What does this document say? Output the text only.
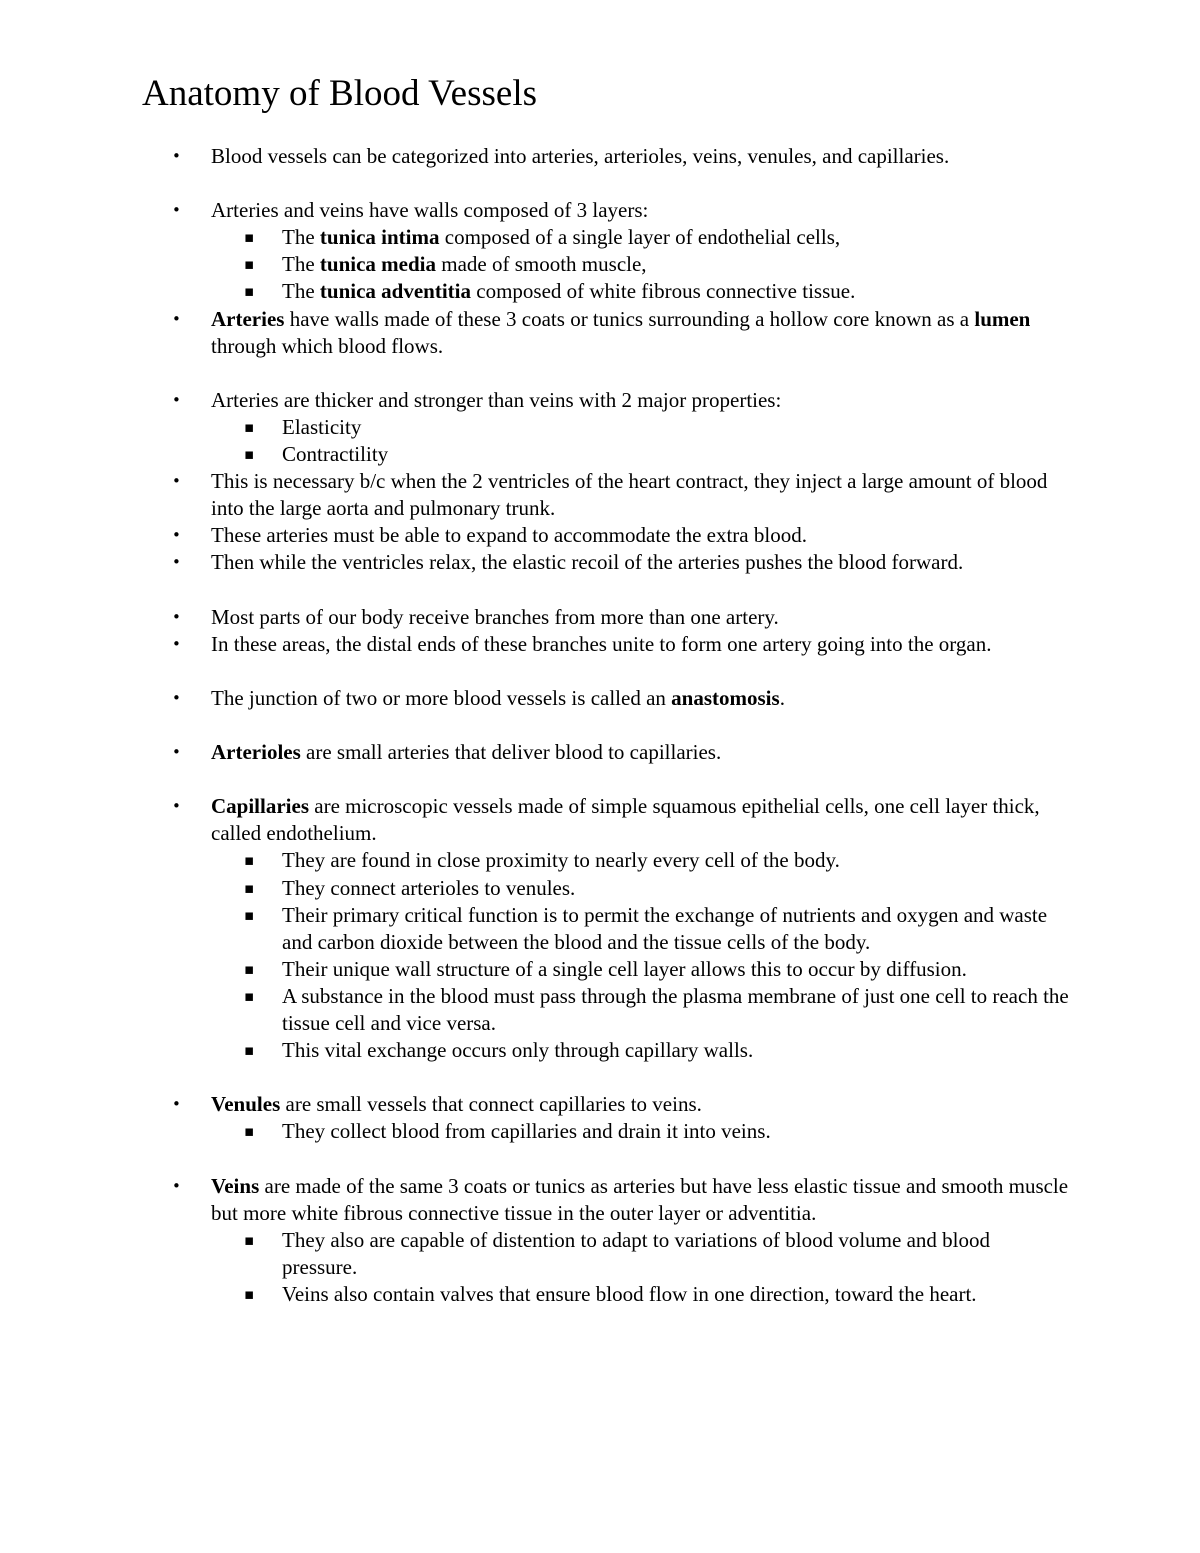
Anatomy of Blood Vessels
• Blood vessels can be categorized into arteries, arterioles, veins, venules, and capillaries.
• Arteries and veins have walls composed of 3 layers:
▪ The tunica intima composed of a single layer of endothelial cells,
▪ The tunica media made of smooth muscle,
▪ The tunica adventitia composed of white fibrous connective tissue.
• Arteries have walls made of these 3 coats or tunics surrounding a hollow core known as a lumen through which blood flows.
• Arteries are thicker and stronger than veins with 2 major properties:
▪ Elasticity
▪ Contractility
• This is necessary b/c when the 2 ventricles of the heart contract, they inject a large amount of blood into the large aorta and pulmonary trunk.
• These arteries must be able to expand to accommodate the extra blood.
• Then while the ventricles relax, the elastic recoil of the arteries pushes the blood forward.
• Most parts of our body receive branches from more than one artery.
• In these areas, the distal ends of these branches unite to form one artery going into the organ.
• The junction of two or more blood vessels is called an anastomosis.
• Arterioles are small arteries that deliver blood to capillaries.
• Capillaries are microscopic vessels made of simple squamous epithelial cells, one cell layer thick, called endothelium.
▪ They are found in close proximity to nearly every cell of the body.
▪ They connect arterioles to venules.
▪ Their primary critical function is to permit the exchange of nutrients and oxygen and waste and carbon dioxide between the blood and the tissue cells of the body.
▪ Their unique wall structure of a single cell layer allows this to occur by diffusion.
▪ A substance in the blood must pass through the plasma membrane of just one cell to reach the tissue cell and vice versa.
▪ This vital exchange occurs only through capillary walls.
• Venules are small vessels that connect capillaries to veins.
▪ They collect blood from capillaries and drain it into veins.
• Veins are made of the same 3 coats or tunics as arteries but have less elastic tissue and smooth muscle but more white fibrous connective tissue in the outer layer or adventitia.
▪ They also are capable of distention to adapt to variations of blood volume and blood pressure.
▪ Veins also contain valves that ensure blood flow in one direction, toward the heart.
